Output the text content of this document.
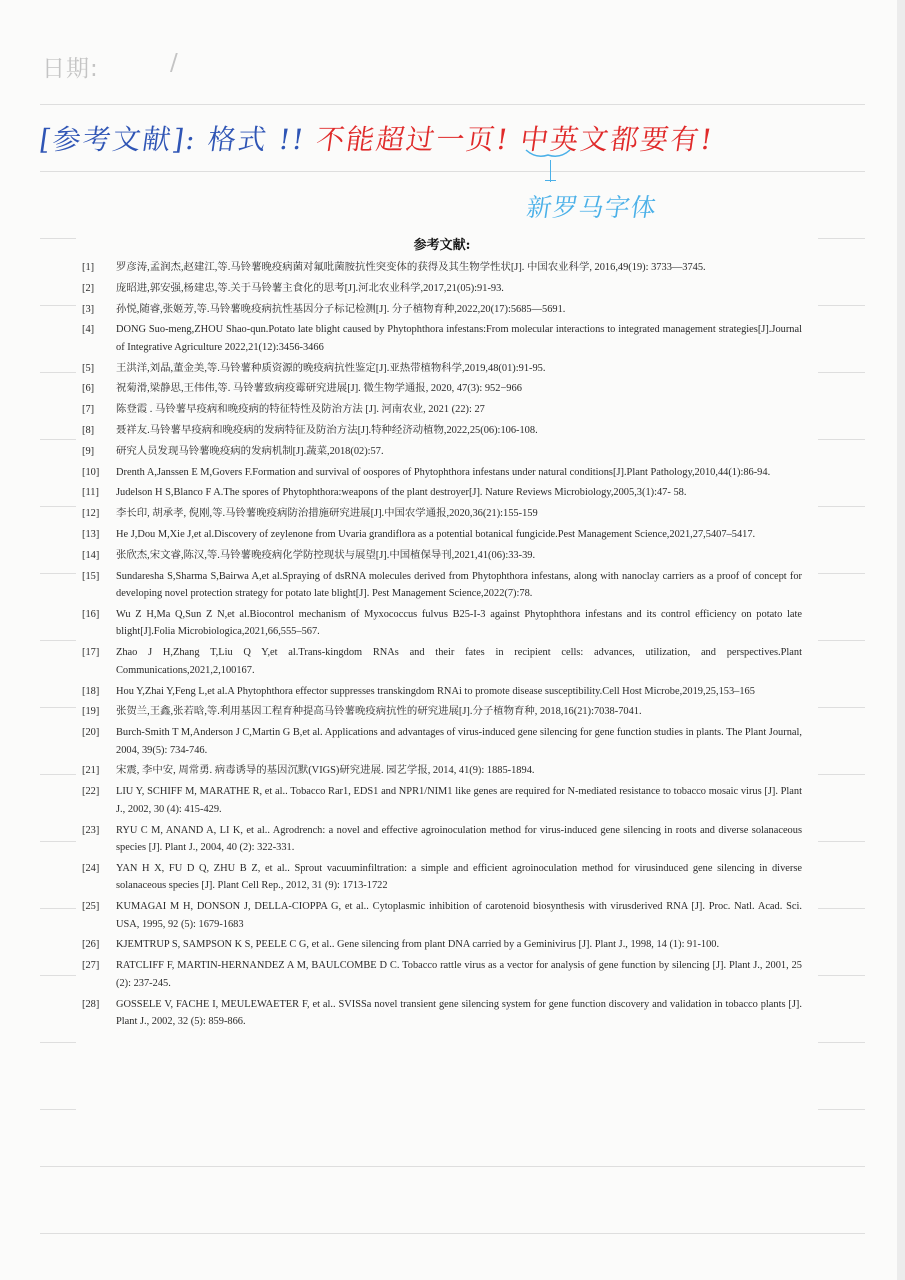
日期:	/
[参考文献]: 格式 !! 不能超过一页! 中英文都要有!
新罗马字体
参考文献:
[1]	罗彦涛,孟润杰,赵建江,等.马铃薯晚疫病菌对氟吡菌胺抗性突变体的获得及其生物学性状[J]. 中国农业科学, 2016,49(19): 3733—3745.
[2]	庞昭进,郭安强,杨建忠,等.关于马铃薯主食化的思考[J].河北农业科学,2017,21(05):91-93.
[3]	孙悦,随睿,张姬芳,等.马铃薯晚疫病抗性基因分子标记检测[J]. 分子植物育种,2022,20(17):5685—5691.
[4]	DONG Suo-meng,ZHOU Shao-qun.Potato late blight caused by Phytophthora infestans:From molecular interactions to integrated management strategies[J].Journal of Integrative Agriculture 2022,21(12):3456-3466
[5]	王洪洋,刘晶,董金美,等.马铃薯种质资源的晚疫病抗性鉴定[J].亚热带植物科学,2019,48(01):91-95.
[6]	祝菊滑,梁静思,王伟伟,等. 马铃薯致病疫霉研究进展[J]. 微生物学通报, 2020, 47(3): 952−966
[7]	陈登霞 . 马铃薯早疫病和晚疫病的特征特性及防治方法 [J]. 河南农业, 2021 (22): 27
[8]	聂祥友.马铃薯早疫病和晚疫病的发病特征及防治方法[J].特种经济动植物,2022,25(06):106-108.
[9]	研究人员发现马铃薯晚疫病的发病机制[J].蔬菜,2018(02):57.
[10]	Drenth A,Janssen E M,Govers F.Formation and survival of oospores of Phytophthora infestans under natural conditions[J].Plant Pathology,2010,44(1):86-94.
[11]	Judelson H S,Blanco F A.The spores of Phytophthora:weapons of the plant destroyer[J]. Nature Reviews Microbiology,2005,3(1):47- 58.
[12]	李长印, 胡承孝, 倪刚,等.马铃薯晚疫病防治措施研究进展[J].中国农学通报,2020,36(21):155-159
[13]	He J,Dou M,Xie J,et al.Discovery of zeylenone from Uvaria grandiflora as a potential botanical fungicide.Pest Management Science,2021,27,5407–5417.
[14]	张欣杰,宋文睿,陈汉,等.马铃薯晚疫病化学防控现状与展望[J].中国植保导刊,2021,41(06):33-39.
[15]	Sundaresha S,Sharma S,Bairwa A,et al.Spraying of dsRNA molecules derived from Phytophthora infestans, along with nanoclay carriers as a proof of concept for developing novel protection strategy for potato late blight[J]. Pest Management Science,2022(7):78.
[16]	Wu Z H,Ma Q,Sun Z N,et al.Biocontrol mechanism of Myxococcus fulvus B25-I-3 against Phytophthora infestans and its control efficiency on potato late blight[J].Folia Microbiologica,2021,66,555–567.
[17]	Zhao J H,Zhang T,Liu Q Y,et al.Trans-kingdom RNAs and their fates in recipient cells: advances, utilization, and perspectives.Plant Communications,2021,2,100167.
[18]	Hou Y,Zhai Y,Feng L,et al.A Phytophthora effector suppresses transkingdom RNAi to promote disease susceptibility.Cell Host Microbe,2019,25,153–165
[19]	张贺兰,王鑫,张若晗,等.利用基因工程育种提高马铃薯晚疫病抗性的研究进展[J].分子植物育种, 2018,16(21):7038-7041.
[20]	Burch-Smith T M,Anderson J C,Martin G B,et al. Applications and advantages of virus-induced gene silencing for gene function studies in plants. The Plant Journal, 2004, 39(5): 734-746.
[21]	宋震, 李中安, 周常勇. 病毒诱导的基因沉默(VIGS)研究进展. 园艺学报, 2014, 41(9): 1885-1894.
[22]	LIU Y, SCHIFF M, MARATHE R, et al.. Tobacco Rar1, EDS1 and NPR1/NIM1 like genes are required for N-mediated resistance to tobacco mosaic virus [J]. Plant J., 2002, 30 (4): 415-429.
[23]	RYU C M, ANAND A, LI K, et al.. Agrodrench: a novel and effective agroinoculation method for virus-induced gene silencing in roots and diverse solanaceous species [J]. Plant J., 2004, 40 (2): 322-331.
[24]	YAN H X, FU D Q, ZHU B Z, et al.. Sprout vacuuminfiltration: a simple and efficient agroinoculation method for virusinduced gene silencing in diverse solanaceous species [J]. Plant Cell Rep., 2012, 31 (9): 1713-1722
[25]	KUMAGAI M H, DONSON J, DELLA-CIOPPA G, et al.. Cytoplasmic inhibition of carotenoid biosynthesis with virusderived RNA [J]. Proc. Natl. Acad. Sci. USA, 1995, 92 (5): 1679-1683
[26]	KJEMTRUP S, SAMPSON K S, PEELE C G, et al.. Gene silencing from plant DNA carried by a Geminivirus [J]. Plant J., 1998, 14 (1): 91-100.
[27]	RATCLIFF F, MARTIN-HERNANDEZ A M, BAULCOMBE D C. Tobacco rattle virus as a vector for analysis of gene function by silencing [J]. Plant J., 2001, 25 (2): 237-245.
[28]	GOSSELE V, FACHE I, MEULEWAETER F, et al.. SVISSa novel transient gene silencing system for gene function discovery and validation in tobacco plants [J]. Plant J., 2002, 32 (5): 859-866.
